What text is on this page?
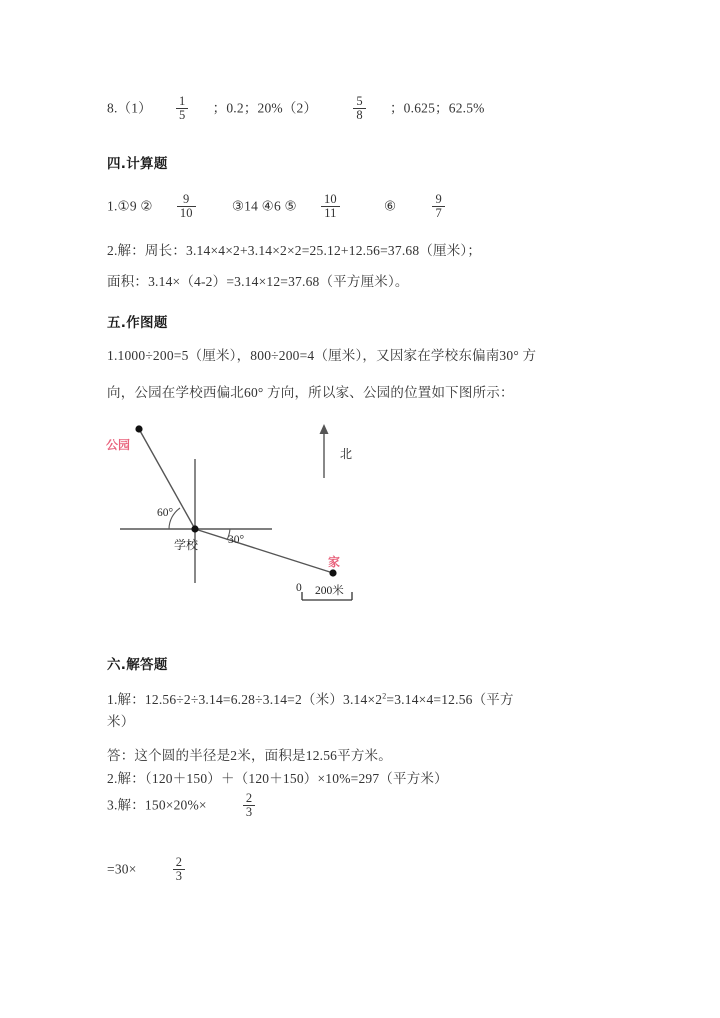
$8.(1) \frac{1}{5}$ ；0.2；20%（2）	$\frac{5}{8}$ ；0.625；62.5%
四.计算题
1.①9 ② $\frac{9}{10}$	③14 ④6 ⑤ $\frac{10}{11}$	⑥	$\frac{9}{7}$
2.解：周长：3.14×4×2+3.14×2×2=25.12+12.56=37.68（厘米）；
面积：3.14×（4-2）=3.14×12=37.68（平方厘米）。
五.作图题
1.1000÷200=5（厘米），800÷200=4（厘米），又因家在学校东偏南30° 方
向，公园在学校西偏北60° 方向，所以家、公园的位置如下图所示：
公园
学校
家
北
60°
30°
0 200米
六.解答题
1.解：12.56÷2÷3.14=6.28÷3.14=2（米）$3.14\times 2^2=3.14\times 4=12.56$（平方
米）
答：这个圆的半径是2米，面积是12.56平方米。
2.解：（120＋150）＋（120＋150）×10%=297（平方米）
3.解：150×20%×	$\frac{2}{3}$
=30×	$\frac{2}{3}$
